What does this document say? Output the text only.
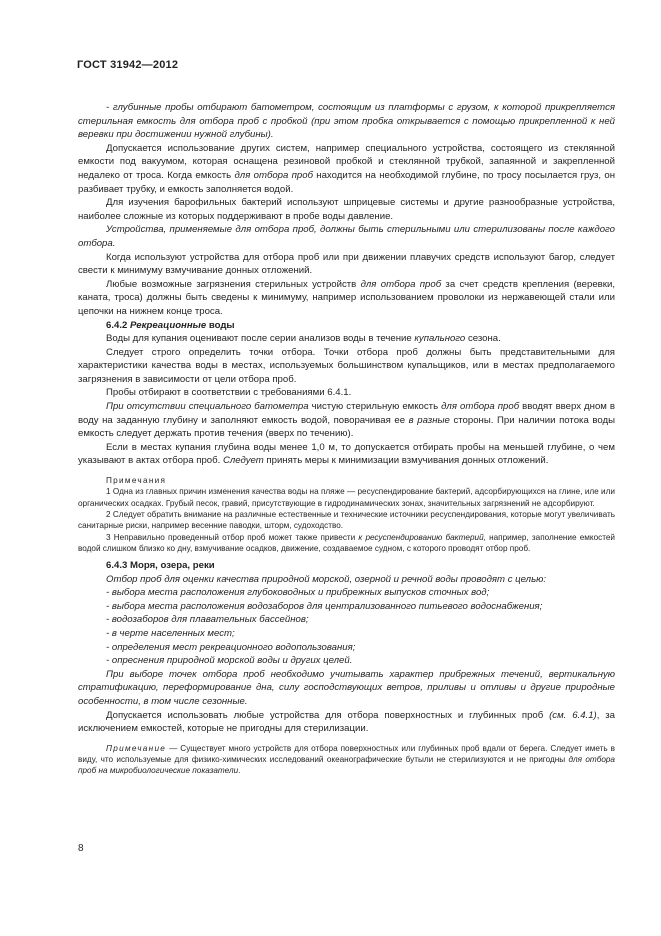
ГОСТ 31942—2012

- глубинные пробы отбирают батометром, состоящим из платформы с грузом, к которой прикрепляется стерильная емкость для отбора проб с пробкой (при этом пробка открывается с помощью прикрепленной к ней веревки при достижении нужной глубины).

Допускается использование других систем, например специального устройства, состоящего из стеклянной емкости под вакуумом, которая оснащена резиновой пробкой и стеклянной трубкой, запаянной и закрепленной недалеко от троса. Когда емкость для отбора проб находится на необходимой глубине, по тросу посылается груз, он разбивает трубку, и емкость заполняется водой.

Для изучения барофильных бактерий используют шприцевые системы и другие разнообразные устройства, наиболее сложные из которых поддерживают в пробе воды давление.

Устройства, применяемые для отбора проб, должны быть стерильными или стерилизованы после каждого отбора.

Когда используют устройства для отбора проб или при движении плавучих средств используют багор, следует свести к минимуму взмучивание донных отложений.

Любые возможные загрязнения стерильных устройств для отбора проб за счет средств крепления (веревки, каната, троса) должны быть сведены к минимуму, например использованием проволоки из нержавеющей стали или цепочки на нижнем конце троса.

6.4.2 Рекреационные воды

Воды для купания оценивают после серии анализов воды в течение купального сезона.

Следует строго определить точки отбора. Точки отбора проб должны быть представительными для характеристики качества воды в местах, используемых большинством купальщиков, или в местах предполагаемого загрязнения в зависимости от цели отбора проб.

Пробы отбирают в соответствии с требованиями 6.4.1.

При отсутствии специального батометра чистую стерильную емкость для отбора проб вводят вверх дном в воду на заданную глубину и заполняют емкость водой, поворачивая ее в разные стороны. При наличии потока воды емкость следует держать против течения (вверх по течению).

Если в местах купания глубина воды менее 1,0 м, то допускается отбирать пробы на меньшей глубине, о чем указывают в актах отбора проб. Следует принять меры к минимизации взмучивания донных отложений.

Примечания

1 Одна из главных причин изменения качества воды на пляже — ресуспендирование бактерий, адсорбирующихся на глине, иле или органических осадках. Грубый песок, гравий, присутствующие в гидродинамических зонах, значительных загрязнений не адсорбируют.

2 Следует обратить внимание на различные естественные и технические источники ресуспендирования, которые могут увеличивать санитарные риски, например весенние паводки, шторм, судоходство.

3 Неправильно проведенный отбор проб может также привести к ресуспендированию бактерий, например, заполнение емкостей водой слишком близко ко дну, взмучивание осадков, движение, создаваемое судном, с которого проводят отбор проб.

6.4.3 Моря, озера, реки

Отбор проб для оценки качества природной морской, озерной и речной воды проводят с целью:

- выбора места расположения глубоководных и прибрежных выпусков сточных вод;

- выбора места расположения водозаборов для централизованного питьевого водоснабжения;

- водозаборов для плавательных бассейнов;

- в черте населенных мест;

- определения мест рекреационного водопользования;

- опреснения природной морской воды и других целей.

При выборе точек отбора проб необходимо учитывать характер прибрежных течений, вертикальную стратификацию, переформирование дна, силу господствующих ветров, приливы и отливы и другие природные особенности, в том числе сезонные.

Допускается использовать любые устройства для отбора поверхностных и глубинных проб (см. 6.4.1), за исключением емкостей, которые не пригодны для стерилизации.

Примечание — Существует много устройств для отбора поверхностных или глубинных проб вдали от берега. Следует иметь в виду, что используемые для физико-химических исследований океанографические бутыли не стерилизуются и не пригодны для отбора проб на микробиологические показатели.

8
